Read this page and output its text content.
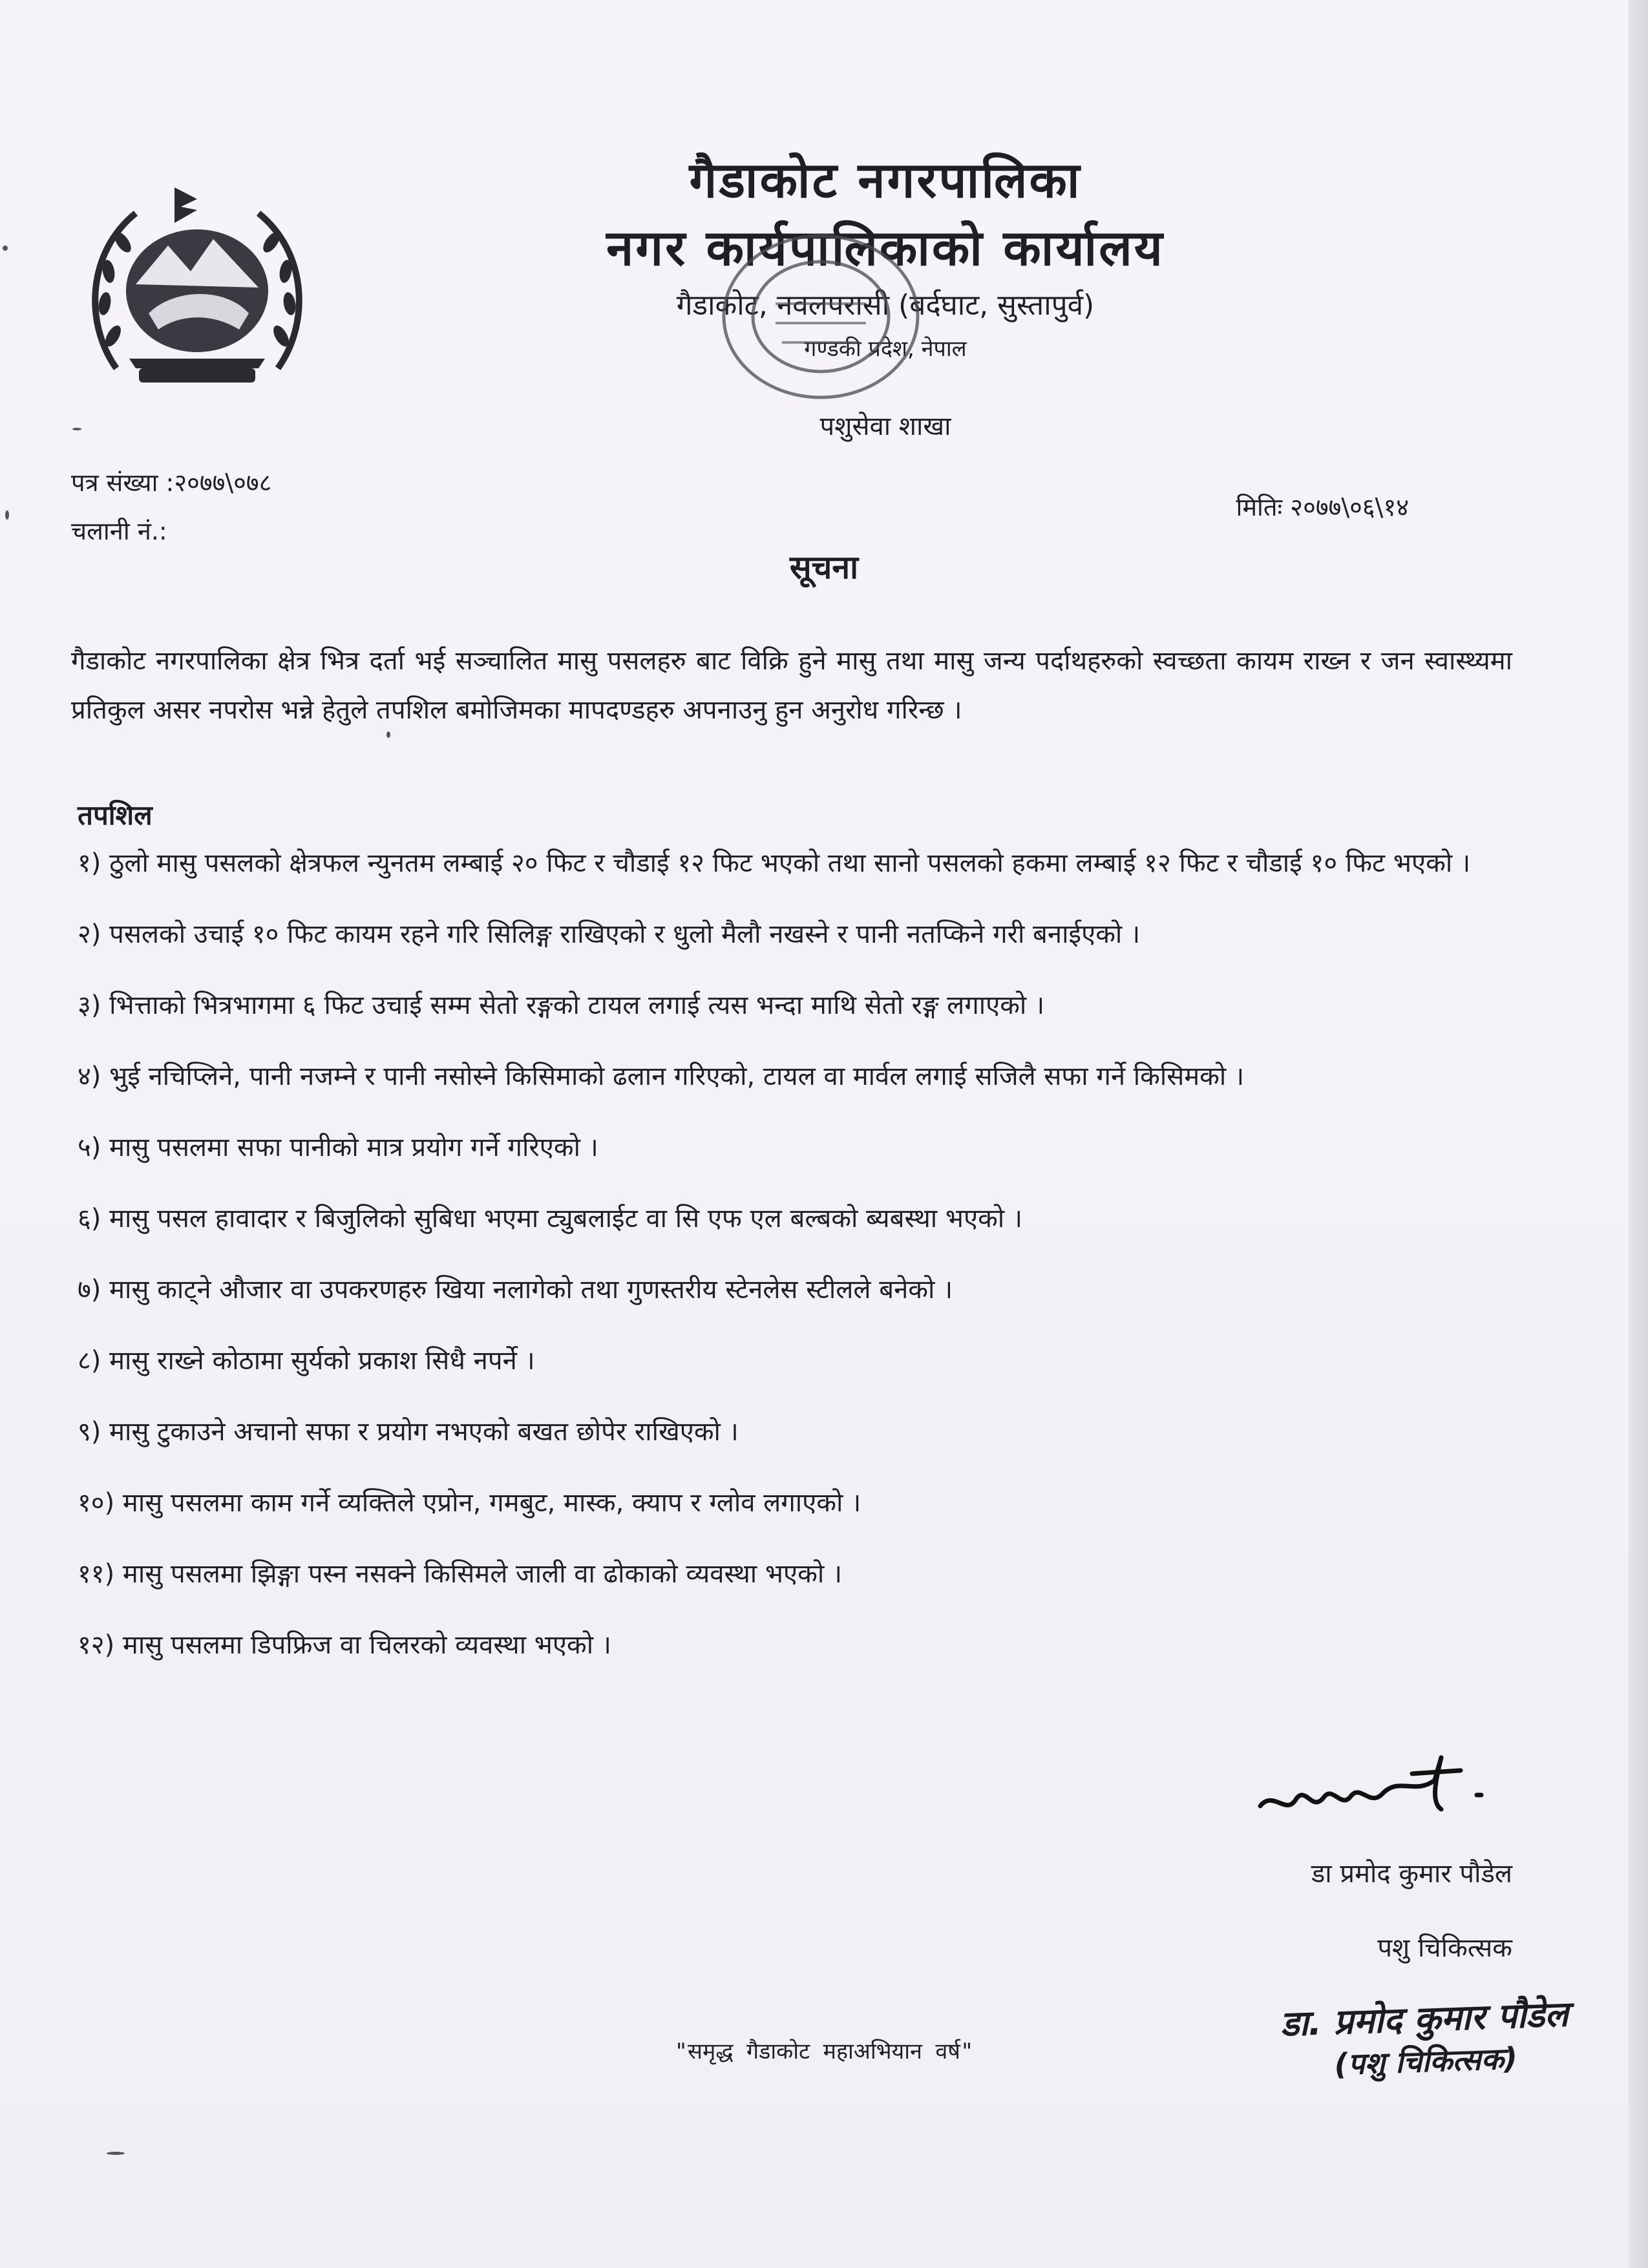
गैडाकोट नगरपालिका
नगर कार्यपालिकाको कार्यालय
गैडाकोट, नवलपरासी (बर्दघाट, सुस्तापुर्व)
गण्डकी प्रदेश, नेपाल
पशुसेवा शाखा
पत्र संख्या :२०७७\०७८
चलानी नं.:
मितिः २०७७\०६\१४
सूचना
गैडाकोट नगरपालिका क्षेत्र भित्र दर्ता भई सञ्चालित मासु पसलहरु बाट विक्रि हुने मासु तथा मासु जन्य पर्दाथहरुको स्वच्छता कायम राख्न र जन स्वास्थ्यमा प्रतिकुल असर नपरोस भन्ने हेतुले तपशिल बमोजिमका मापदण्डहरु अपनाउनु हुन अनुरोध गरिन्छ ।
तपशिल
१) ठुलो मासु पसलको क्षेत्रफल न्युनतम लम्बाई २० फिट र चौडाई १२ फिट भएको तथा सानो पसलको हकमा लम्बाई १२ फिट र चौडाई १० फिट भएको ।
२) पसलको उचाई १० फिट कायम रहने गरि सिलिङ्ग राखिएको र धुलो मैलौ नखस्ने र पानी नतप्किने गरी बनाईएको ।
३) भित्ताको भित्रभागमा ६ फिट उचाई सम्म सेतो रङ्गको टायल लगाई त्यस भन्दा माथि सेतो रङ्ग लगाएको ।
४) भुई नचिप्लिने, पानी नजम्ने र पानी नसोस्ने किसिमाको ढलान गरिएको, टायल वा मार्वल लगाई सजिलै सफा गर्ने किसिमको ।
५) मासु पसलमा सफा पानीको मात्र प्रयोग गर्ने गरिएको ।
६) मासु पसल हावादार र बिजुलिको सुबिधा भएमा ट्युबलाईट वा सि एफ एल बल्बको ब्यबस्था भएको ।
७) मासु काट्ने औजार वा उपकरणहरु खिया नलागेको तथा गुणस्तरीय स्टेनलेस स्टीलले बनेको ।
८) मासु राख्ने कोठामा सुर्यको प्रकाश सिधै नपर्ने ।
९) मासु टुकाउने अचानो सफा र प्रयोग नभएको बखत छोपेर राखिएको ।
१०) मासु पसलमा काम गर्ने व्यक्तिले एप्रोन, गमबुट, मास्क, क्याप र ग्लोव लगाएको ।
११) मासु पसलमा झिङ्गा पस्न नसक्ने किसिमले जाली वा ढोकाको व्यवस्था भएको ।
१२) मासु पसलमा डिपफ्रिज वा चिलरको व्यवस्था भएको ।
डा प्रमोद कुमार पौडेल
पशु चिकित्सक
डा. प्रमोद कुमार पौडेल
(पशु चिकित्सक)
"समृद्ध गैडाकोट महाअभियान वर्ष"
